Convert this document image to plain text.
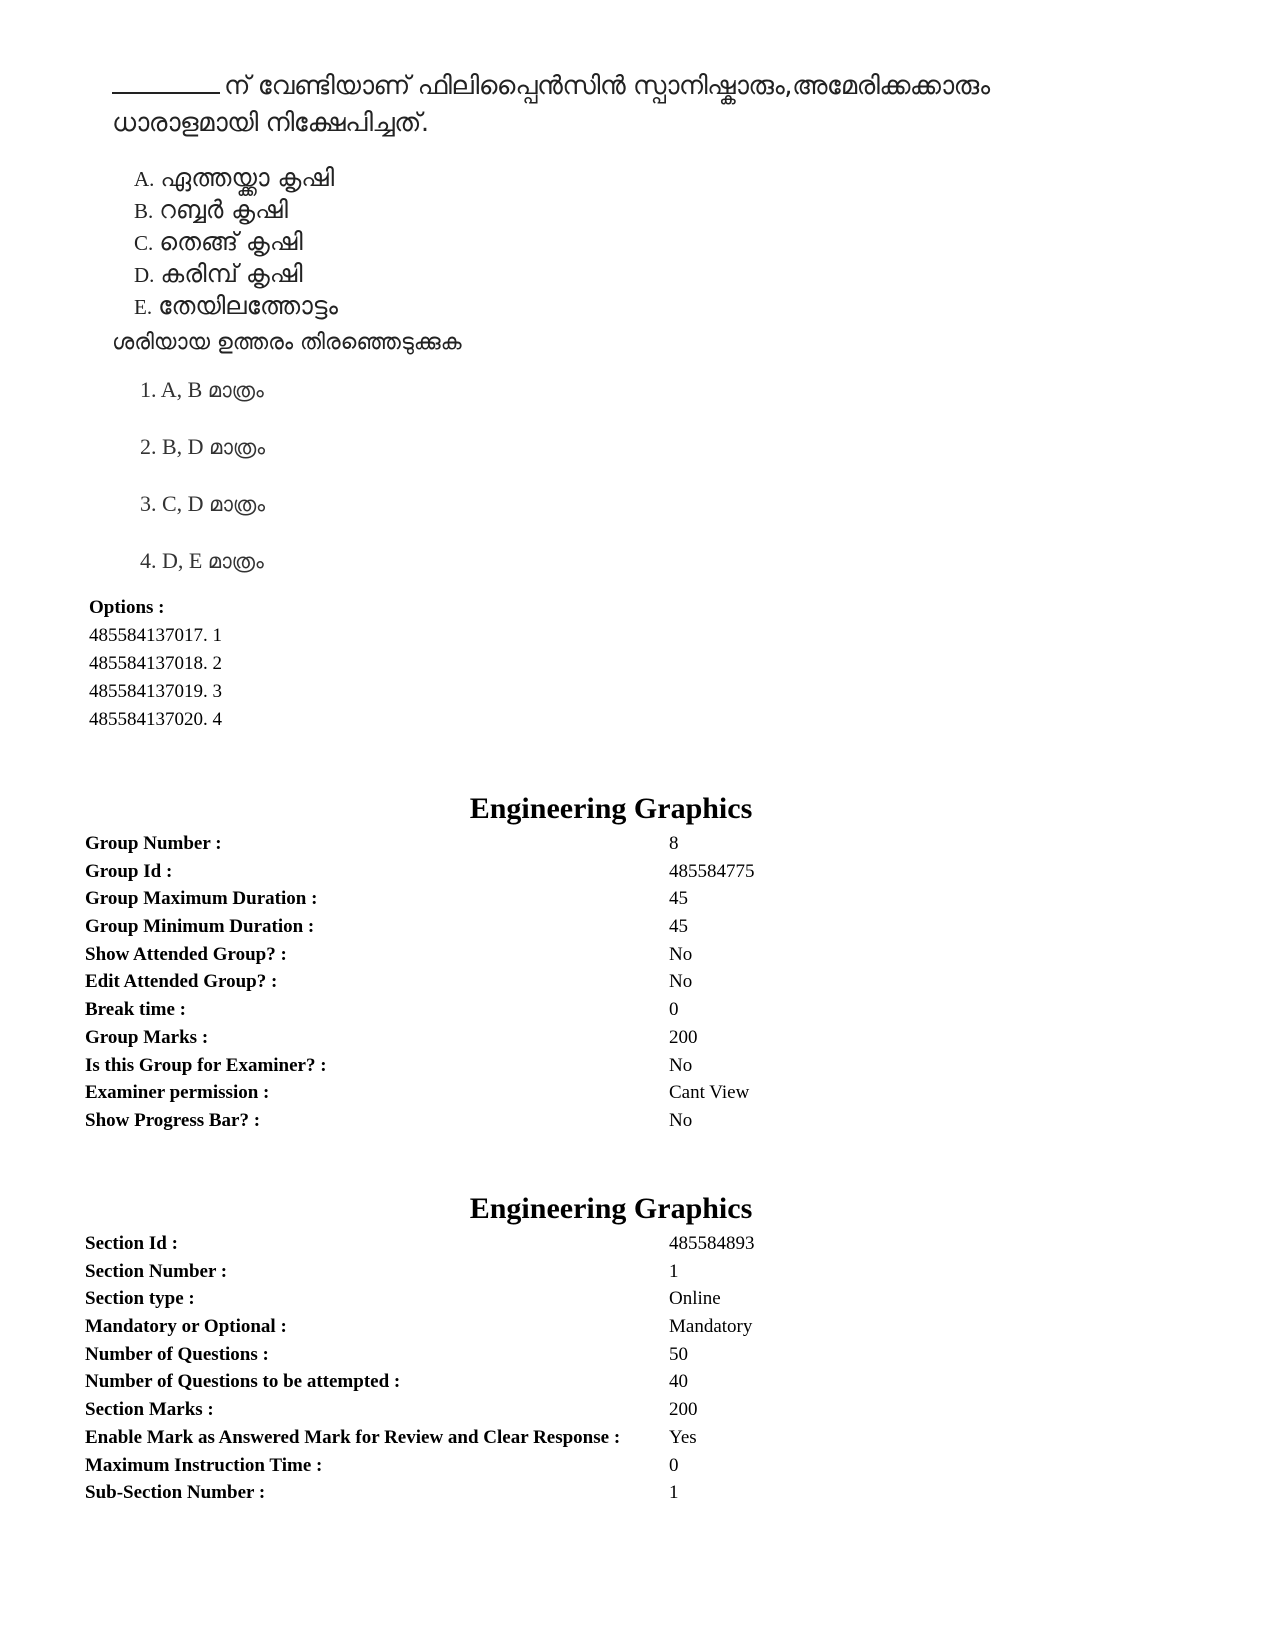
ന് വേണ്ടിയാണ് ഫിലിപ്പൈൻസിൻ സ്പാനിഷ്കാരും,അമേരിക്കക്കാരും
ധാരാളമായി നിക്ഷേപിച്ചത്.
A. ഏത്തയ്ക്കാ കൃഷി
B. റബ്ബർ കൃഷി
C. തെങ്ങ് കൃഷി
D. കരിമ്പ് കൃഷി
E. തേയിലത്തോട്ടം
ശരിയായ ഉത്തരം തിരഞ്ഞെടുക്കുക
1. A, B മാത്രം
2. B, D മാത്രം
3. C, D മാത്രം
4. D, E മാത്രം
Options :
485584137017. 1
485584137018. 2
485584137019. 3
485584137020. 4
Engineering Graphics
Group Number :	8
Group Id :	485584775
Group Maximum Duration :	45
Group Minimum Duration :	45
Show Attended Group? :	No
Edit Attended Group? :	No
Break time :	0
Group Marks :	200
Is this Group for Examiner? :	No
Examiner permission :	Cant View
Show Progress Bar? :	No
Engineering Graphics
Section Id :	485584893
Section Number :	1
Section type :	Online
Mandatory or Optional :	Mandatory
Number of Questions :	50
Number of Questions to be attempted :	40
Section Marks :	200
Enable Mark as Answered Mark for Review and Clear Response :	Yes
Maximum Instruction Time :	0
Sub-Section Number :	1
